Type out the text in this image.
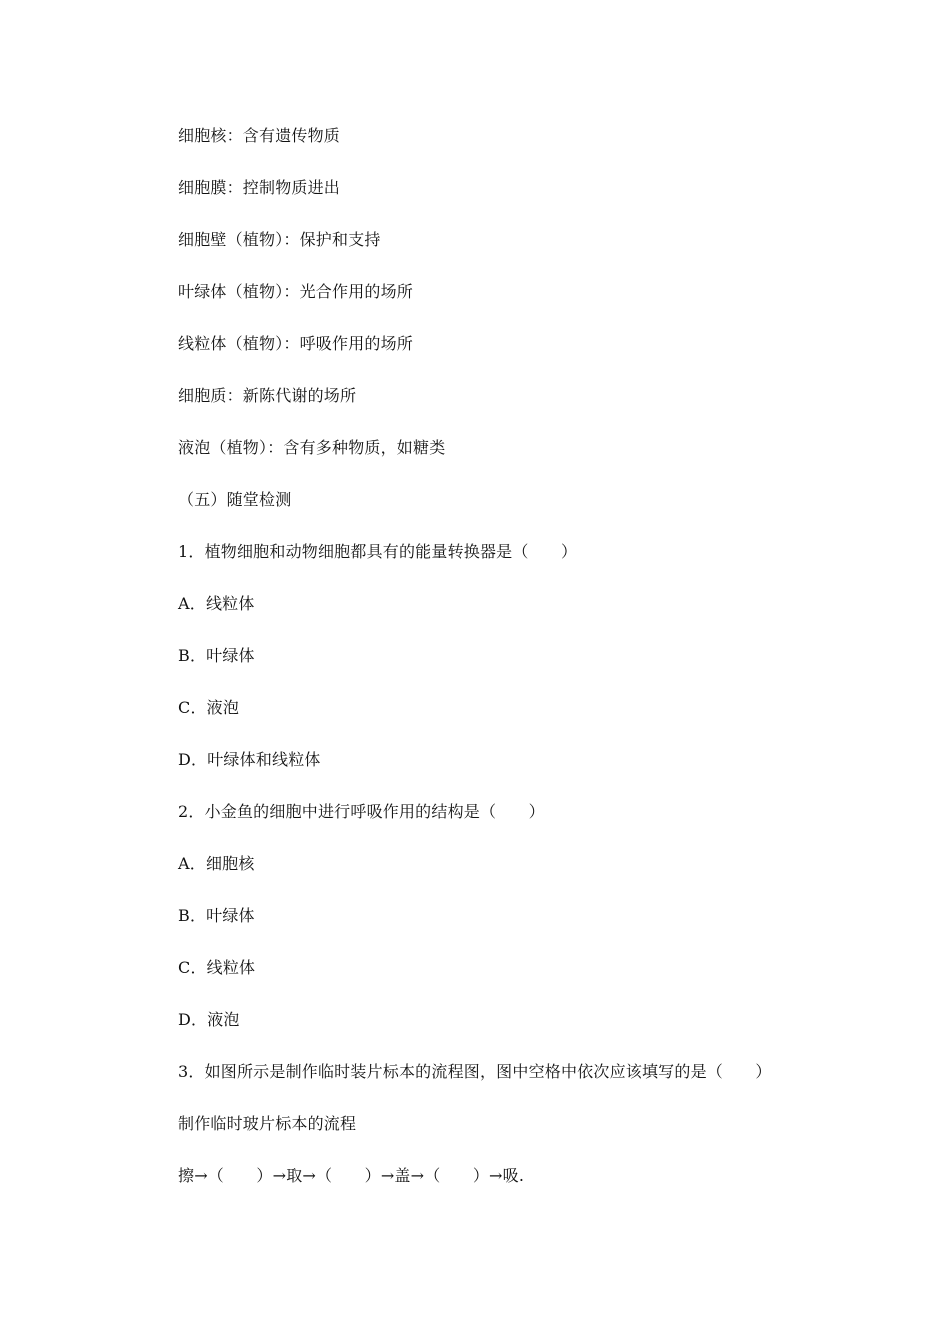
细胞核：含有遗传物质
细胞膜：控制物质进出
细胞壁（植物）：保护和支持
叶绿体（植物）：光合作用的场所
线粒体（植物）：呼吸作用的场所
细胞质：新陈代谢的场所
液泡（植物）：含有多种物质，如糖类
（五）随堂检测
1．植物细胞和动物细胞都具有的能量转换器是（　　）
A．线粒体
B．叶绿体
C．液泡
D．叶绿体和线粒体
2．小金鱼的细胞中进行呼吸作用的结构是（　　）
A．细胞核
B．叶绿体
C．线粒体
D．液泡
3．如图所示是制作临时装片标本的流程图，图中空格中依次应该填写的是（　　）
制作临时玻片标本的流程
擦→（　　）→取→（　　）→盖→（　　）→吸.
